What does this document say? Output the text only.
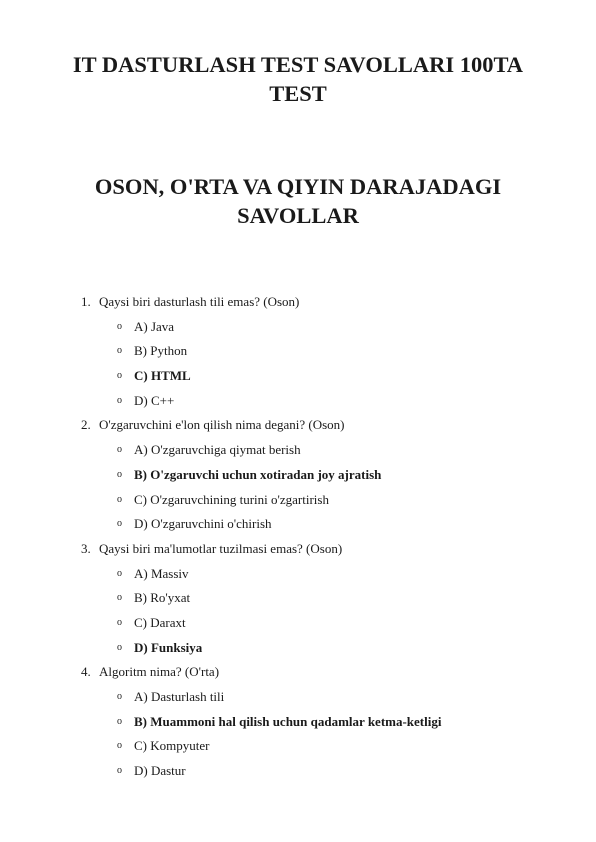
IT DASTURLASH TEST SAVOLLARI 100TA TEST
OSON, O'RTA VA QIYIN DARAJADAGI SAVOLLAR
1. Qaysi biri dasturlash tili emas? (Oson)
o A) Java
o B) Python
o C) HTML
o D) C++
2. O'zgaruvchini e'lon qilish nima degani? (Oson)
o A) O'zgaruvchiga qiymat berish
o B) O'zgaruvchi uchun xotiradan joy ajratish
o C) O'zgaruvchining turini o'zgartirish
o D) O'zgaruvchini o'chirish
3. Qaysi biri ma'lumotlar tuzilmasi emas? (Oson)
o A) Massiv
o B) Ro'yxat
o C) Daraxt
o D) Funksiya
4. Algoritm nima? (O'rta)
o A) Dasturlash tili
o B) Muammoni hal qilish uchun qadamlar ketma-ketligi
o C) Kompyuter
o D) Dastur
